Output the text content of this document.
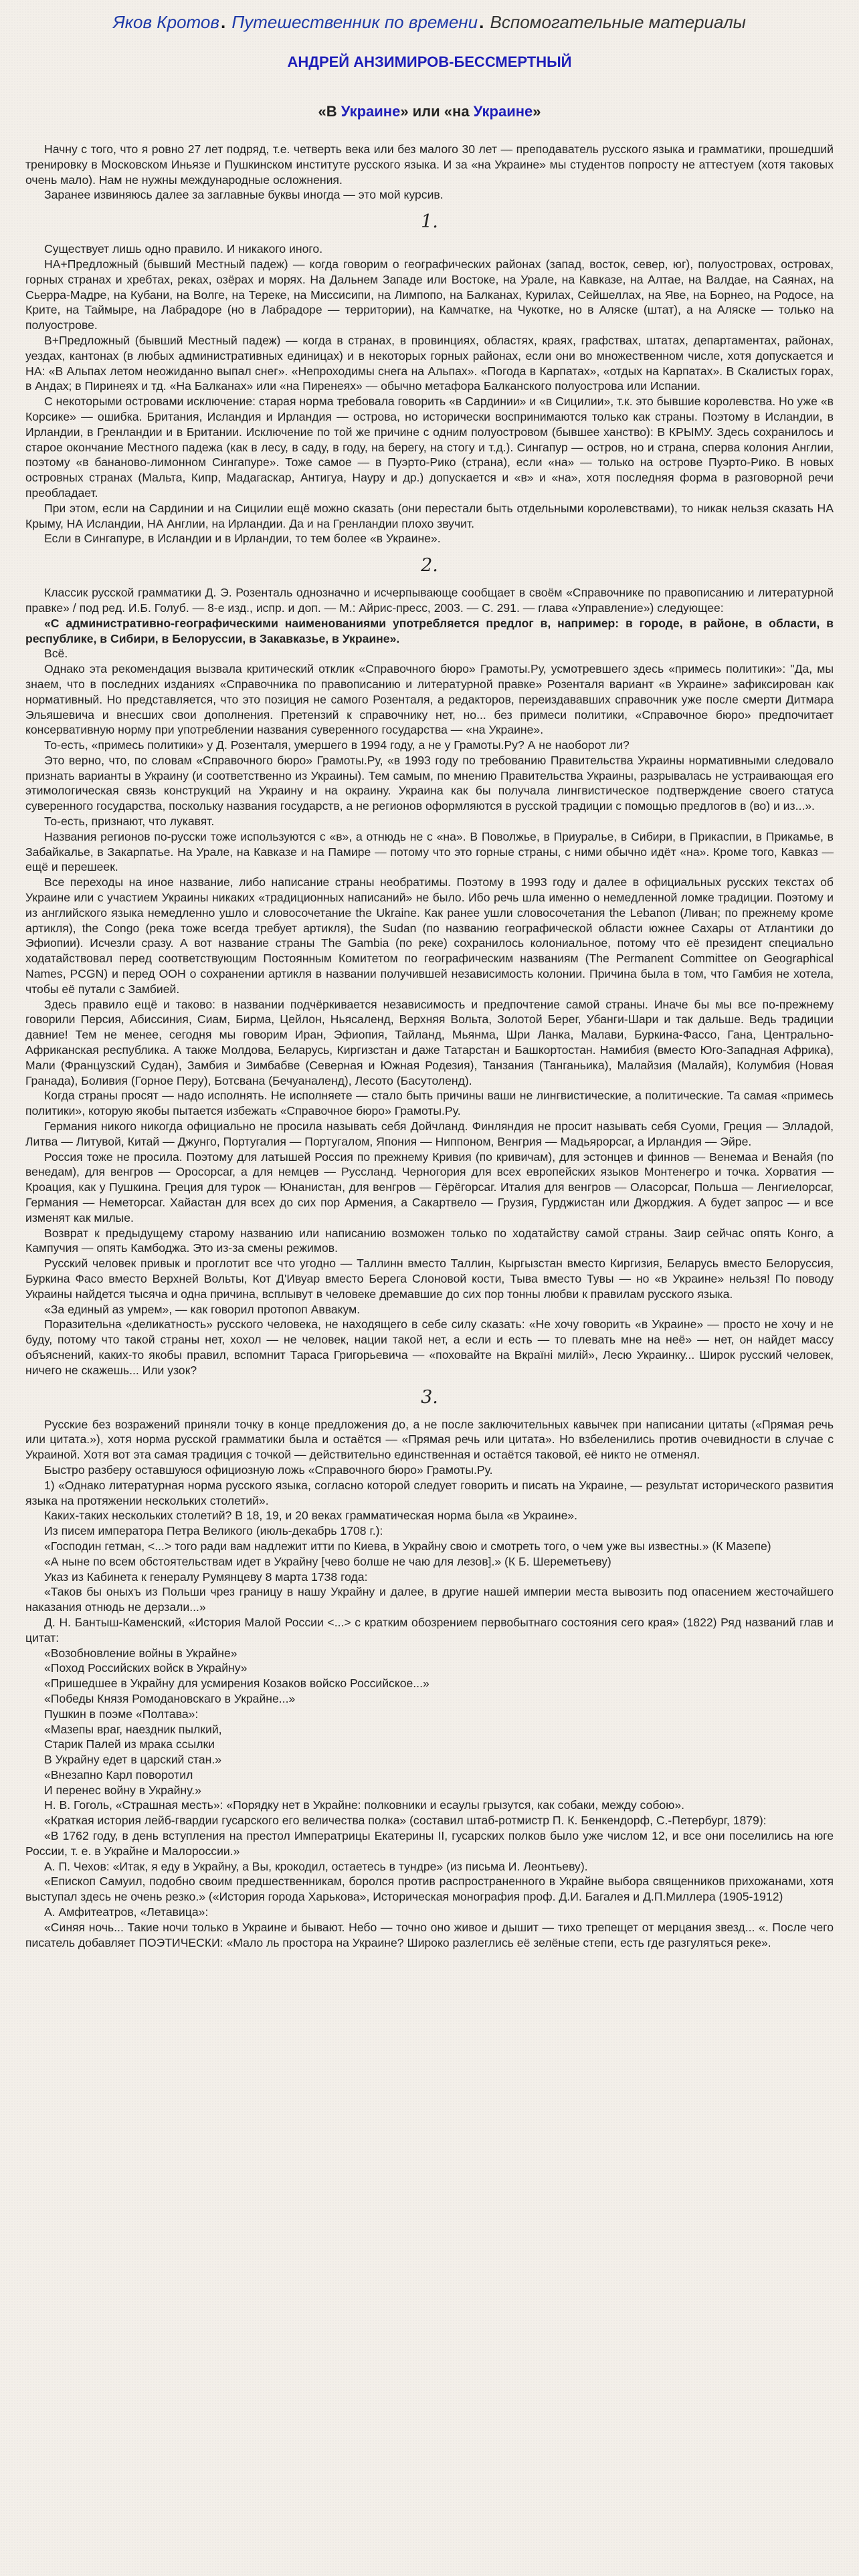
Яков Кротов. Путешественник по времени. Вспомогательные материалы
АНДРЕЙ АНЗИМИРОВ-БЕССМЕРТНЫЙ
«В Украине» или «на Украине»

Начну с того, что я ровно 27 лет подряд, т.е. четверть века или без малого 30 лет — преподаватель русского языка и грамматики, прошедший тренировку в Московском Иньязе и Пушкинском институте русского языка. И за «на Украине» мы студентов попросту не аттестуем (хотя таковых очень мало). Нам не нужны международные осложнения.

Заранее извиняюсь далее за заглавные буквы иногда — это мой курсив.

1.

Существует лишь одно правило. И никакого иного.

НА+Предложный (бывший Местный падеж) — когда говорим о географических районах (запад, восток, север, юг), полуостровах, островах, горных странах и хребтах, реках, озёрах и морях. На Дальнем Западе или Востоке, на Урале, на Кавказе, на Алтае, на Валдае, на Саянах, на Сьерра-Мадре, на Кубани, на Волге, на Тереке, на Миссисипи, на Лимпопо, на Балканах, Курилах, Сейшеллах, на Яве, на Борнео, на Родосе, на Крите, на Таймыре, на Лабрадоре (но в Лабрадоре — территории), на Камчатке, на Чукотке, но в Аляске (штат), а на Аляске — только на полуострове.

В+Предложный (бывший Местный падеж) — когда в странах, в провинциях, областях, краях, графствах, штатах, департаментах, районах, уездах, кантонах (в любых административных единицах) и в некоторых горных районах, если они во множественном числе, хотя допускается и НА: «В Альпах летом неожиданно выпал снег». «Непроходимы снега на Альпах». «Погода в Карпатах», «отдых на Карпатах». В Скалистых горах, в Андах; в Пиринеях и тд. «На Балканах» или «на Пиренеях» — обычно метафора Балканского полуострова или Испании.

С некоторыми островами исключение: старая норма требовала говорить «в Сардинии» и «в Сицилии», т.к. это бывшие королевства. Но уже «в Корсике» — ошибка. Британия, Исландия и Ирландия — острова, но исторически воспринимаются только как страны. Поэтому в Исландии, в Ирландии, в Гренландии и в Британии. Исключение по той же причине с одним полуостровом (бывшее ханство): В КРЫМУ. Здесь сохранилось и старое окончание Местного падежа (как в лесу, в саду, в году, на берегу, на стогу и т.д.). Сингапур — остров, но и страна, сперва колония Англии, поэтому «в банановo-лимонном Сингапуре». Тоже самое — в Пуэрто-Рико (страна), если «на» — только на острове Пуэрто-Рико. В новых островных странах (Мальта, Кипр, Мадагаскар, Антигуа, Науру и др.) допускается и «в» и «на», хотя последняя форма в разговорной речи преобладает.

При этом, если на Сардинии и на Сицилии ещё можно сказать (они перестали быть отдельными королевствами), то никак нельзя сказать НА Крыму, НА Исландии, НА Англии, на Ирландии. Да и на Гренландии плохо звучит.

Если в Сингапуре, в Исландии и в Ирландии, то тем более «в Украине».

2.

Классик русской грамматики Д. Э. Розенталь однозначно и исчерпывающе сообщает в своём «Справочнике по правописанию и литературной правке» / под ред. И.Б. Голуб. — 8-е изд., испр. и доп. — М.: Айрис-пресс, 2003. — С. 291. — глава «Управление») следующее:

«С административно-географическими наименованиями употребляется предлог в, например: в городе, в районе, в области, в республике, в Сибири, в Белоруссии, в Закавказье, в Украине».

Всё.

Однако эта рекомендация вызвала критический отклик «Справочного бюро» Грамоты.Ру, усмотревшего здесь «примесь политики»: "Да, мы знаем, что в последних изданиях «Справочника по правописанию и литературной правке» Розенталя вариант «в Украине» зафиксирован как нормативный. Но представляется, что это позиция не самого Розенталя, а редакторов, переиздававших справочник уже после смерти Дитмара Эльяшевича и внесших свои дополнения. Претензий к справочнику нет, но... без примеси политики, «Справочное бюро» предпочитает консервативную норму при употреблении названия суверенного государства — «на Украине».

То-есть, «примесь политики» у Д. Розенталя, умершего в 1994 году, а не у Грамоты.Ру? А не наоборот ли?

Это верно, что, по словам «Справочного бюро» Грамоты.Ру, «в 1993 году по требованию Правительства Украины нормативными следовало признать варианты в Украину (и соответственно из Украины). Тем самым, по мнению Правительства Украины, разрывалась не устраивающая его этимологическая связь конструкций на Украину и на окраину. Украина как бы получала лингвистическое подтверждение своего статуса суверенного государства, поскольку названия государств, а не регионов оформляются в русской традиции с помощью предлогов в (во) и из...».

То-есть, признают, что лукавят.

Названия регионов по-русски тоже используются с «в», а отнюдь не с «на». В Поволжье, в Приуралье, в Сибири, в Прикаспии, в Прикамье, в Забайкалье, в Закарпатье. На Урале, на Кавказе и на Памире — потому что это горные страны, с ними обычно идёт «на». Кроме того, Кавказ — ещё и перешеек.

Все переходы на иное название, либо написание страны необратимы. Поэтому в 1993 году и далее в официальных русских текстах об Украине или с участием Украины никаких «традиционных написаний» не было. Ибо речь шла именно о немедленной ломке традиции. Поэтому и из английского языка немедленно ушло и словосочетание the Ukraine. Как ранее ушли словосочетания the Lebanon (Ливан; по прежнему кроме артикля), the Congo (река тоже всегда требует артикля), the Sudan (по названию географической области южнее Сахары от Атлантики до Эфиопии). Исчезли сразу. А вот название страны The Gambia (по реке) сохранилось колониальное, потому что её президент специально ходатайствовал перед соответствующим Постоянным Комитетом по географическим названиям (The Permanent Committee on Geographical Names, PCGN) и перед ООН о сохранении артикля в названии получившей независимость колонии. Причина была в том, что Гамбия не хотела, чтобы её путали с Замбией.

Здесь правило ещё и таково: в названии подчёркивается независимость и предпочтение самой страны. Иначе бы мы все по-прежнему говорили Персия, Абиссиния, Сиам, Бирма, Цейлон, Ньясаленд, Верхняя Вольта, Золотой Берег, Убанги-Шари и так дальше. Ведь традиции давние! Тем не менее, сегодня мы говорим Иран, Эфиопия, Тайланд, Мьянма, Шри Ланка, Малави, Буркина-Фассо, Гана, Центрально-Африканская республика. А также Молдова, Беларусь, Киргизстан и даже Татарстан и Башкортостан. Намибия (вместо Юго-Западная Африка), Мали (Французский Судан), Замбия и Зимбабве (Северная и Южная Родезия), Танзания (Танганьика), Малайзия (Малайя), Колумбия (Новая Гранада), Боливия (Горное Перу), Ботсвана (Бечуаналенд), Лесото (Басутоленд).

Когда страны просят — надо исполнять. Не исполняете — стало быть причины ваши не лингвистические, а политические. Та самая «примесь политики», которую якобы пытается избежать «Справочное бюро» Грамоты.Ру.

Германия никого никогда официально не просила называть себя Дойчланд. Финляндия не просит называть себя Суоми, Греция — Элладой, Литва — Литувой, Китай — Джунго, Португалия — Португалом, Япония — Ниппоном, Венгрия — Мадьярорсаг, а Ирландия — Эйре.

Россия тоже не просила. Поэтому для латышей Россия по прежнему Кривия (по кривичам), для эстонцев и финнов — Венемаа и Венайя (по венедам), для венгров — Оросорсаг, а для немцев — Руссланд. Черногория для всех европейских языков Монтенегро и точка. Хорватия — Кроация, как у Пушкина. Греция для турок — Юнанистан, для венгров — Гёрёгорсаг. Италия для венгров — Оласорсаг, Польша — Ленгиелорсаг, Германия — Неметорсаг. Хайастан для всех до сих пор Армения, а Сакартвело — Грузия, Гурджистан или Джорджия. А будет запрос — и все изменят как милые.

Возврат к предыдущему старому названию или написанию возможен только по ходатайству самой страны. Заир сейчас опять Конго, а Кампучия — опять Камбоджа. Это из-за смены режимов.

Русский человек привык и проглотит все что угодно — Таллинн вместо Таллин, Кыргызстан вместо Киргизия, Беларусь вместо Белоруссия, Буркина Фасо вместо Верхней Вольты, Кот Д'Ивуар вместо Берега Слоновой кости, Тыва вместо Тувы — но «в Украине» нельзя! По поводу Украины найдется тысяча и одна причина, всплывут в человеке дремавшие до сих пор тонны любви к правилам русского языка.

«За единый аз умрем», — как говорил протопоп Аввакум.

Поразительна «деликатность» русского человека, не находящего в себе силу сказать: «Не хочу говорить «в Украине» — просто не хочу и не буду, потому что такой страны нет, хохол — не человек, нации такой нет, а если и есть — то плевать мне на неё» — нет, он найдет массу объяснений, каких-то якобы правил, вспомнит Тараса Григорьевича — «поховайте на Вкраїні милій», Лесю Украинку... Широк русский человек, ничего не скажешь... Или узок?

3.

Русские без возражений приняли точку в конце предложения до, а не после заключительных кавычек при написании цитаты («Прямая речь или цитата.»), хотя норма русской грамматики была и остаётся — «Прямая речь или цитата». Но взбеленились против очевидности в случае с Украиной. Хотя вот эта самая традиция с точкой — действительно единственная и остаётся таковой, её никто не отменял.

Быстро разберу оставшуюся официозную ложь «Справочного бюро» Грамоты.Ру.

1) «Однако литературная норма русского языка, согласно которой следует говорить и писать на Украине, — результат исторического развития языка на протяжении нескольких столетий».

Каких-таких нескольких столетий? В 18, 19, и 20 веках грамматическая норма была «в Украине».

Из писем императора Петра Великого (июль-декабрь 1708 г.):

«Господин гетман, <...> того ради вам надлежит итти по Киева, в Украйну свою и смотреть того, о чем уже вы известны.» (К Мазепе)

«А ныне по всем обстоятельствам идет в Украйну [чево болше не чаю для лезов].» (К Б. Шереметьеву)

Указ из Кабинета к генералу Румянцеву 8 марта 1738 года:

«Таков бы оныхъ из Польши чрез границу в нашу Украйну и далее, в другие нашей империи места вывозить под опасением жесточайшего наказания отнюдь не дерзали...»

Д. Н. Бантыш-Каменский, «История Малой России <...> с кратким обозрением первобытнаго состояния сего края» (1822) Ряд названий глав и цитат:

«Возобновление войны в Украйне»

«Поход Российских войск в Украйну»

«Пришедшее в Украйну для усмирения Козаков войско Российское...»

«Победы Князя Ромодановскаго в Украйне...»

Пушкин в поэме «Полтава»:

«Мазепы враг, наездник пылкий,

Старик Палей из мрака ссылки

В Украйну едет в царский стан.»

«Внезапно Карл поворотил

И перенес войну в Украйну.»

Н. В. Гоголь, «Страшная месть»: «Порядку нет в Украйне: полковники и есаулы грызутся, как собаки, между собою».

«Краткая история лейб-гвардии гусарского его величества полка» (составил штаб-ротмистр П. К. Бенкендорф, С.-Петербург, 1879):

«В 1762 году, в день вступления на престол Императрицы Екатерины II, гусарских полков было уже числом 12, и все они поселились на юге России, т. е. в Украйне и Малороссии.»

А. П. Чехов: «Итак, я еду в Украйну, а Вы, крокодил, остаетесь в тундре» (из письма И. Леонтьеву).

«Епископ Самуил, подобно своим предшественникам, боролся против распространенного в Украйне выбора священников прихожанами, хотя выступал здесь не очень резко.» («История города Харькова», Историческая монография проф. Д.И. Багалея и Д.П.Миллера (1905-1912)

А. Амфитеатров, «Летавица»:

«Синяя ночь... Такие ночи только в Украине и бывают. Небо — точно оно живое и дышит — тихо трепещет от мерцания звезд... «. После чего писатель добавляет ПОЭТИЧЕСКИ: «Мало ль простора на Украине? Широко разлеглись её зелёные степи, есть где разгуляться реке».
